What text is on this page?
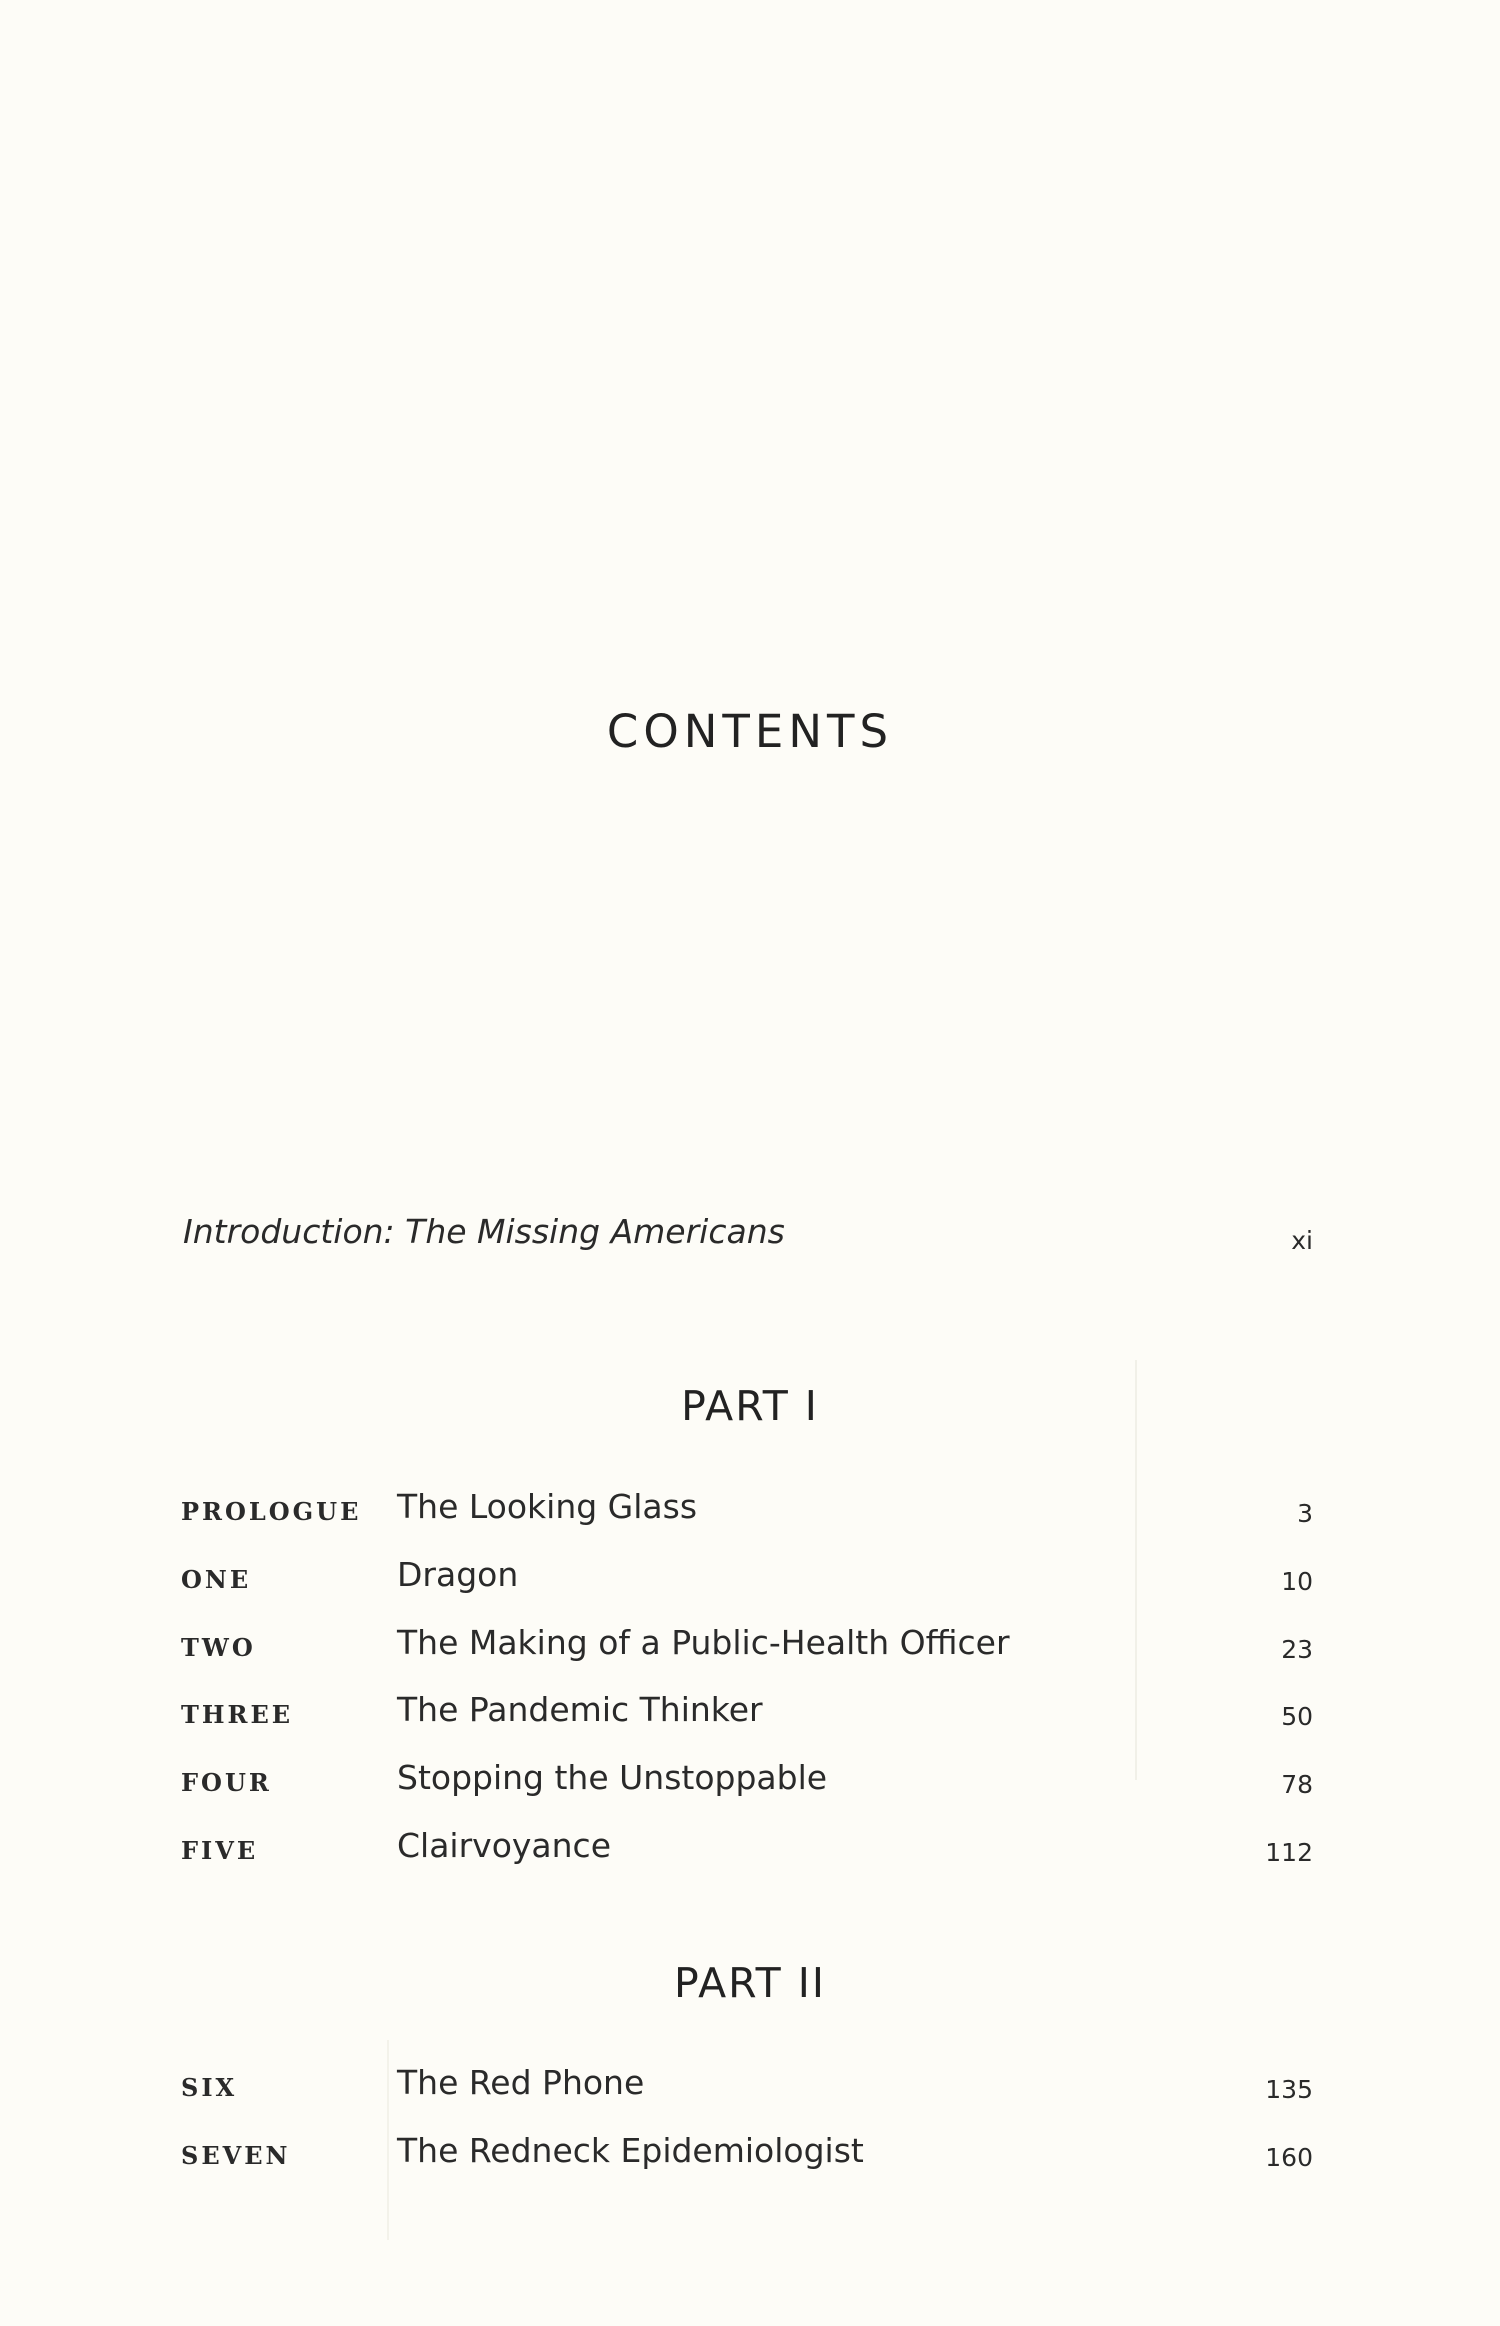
CONTENTS
Introduction: The Missing Americans	xi
PART I
PROLOGUE The Looking Glass	3
ONE	Dragon	10
TWO	The Making of a Public-Health Officer	23
THREE	The Pandemic Thinker	50
FOUR	Stopping the Unstoppable	78
FIVE	Clairvoyance	112
PART II
SIX	The Red Phone	135
SEVEN	The Redneck Epidemiologist	160
